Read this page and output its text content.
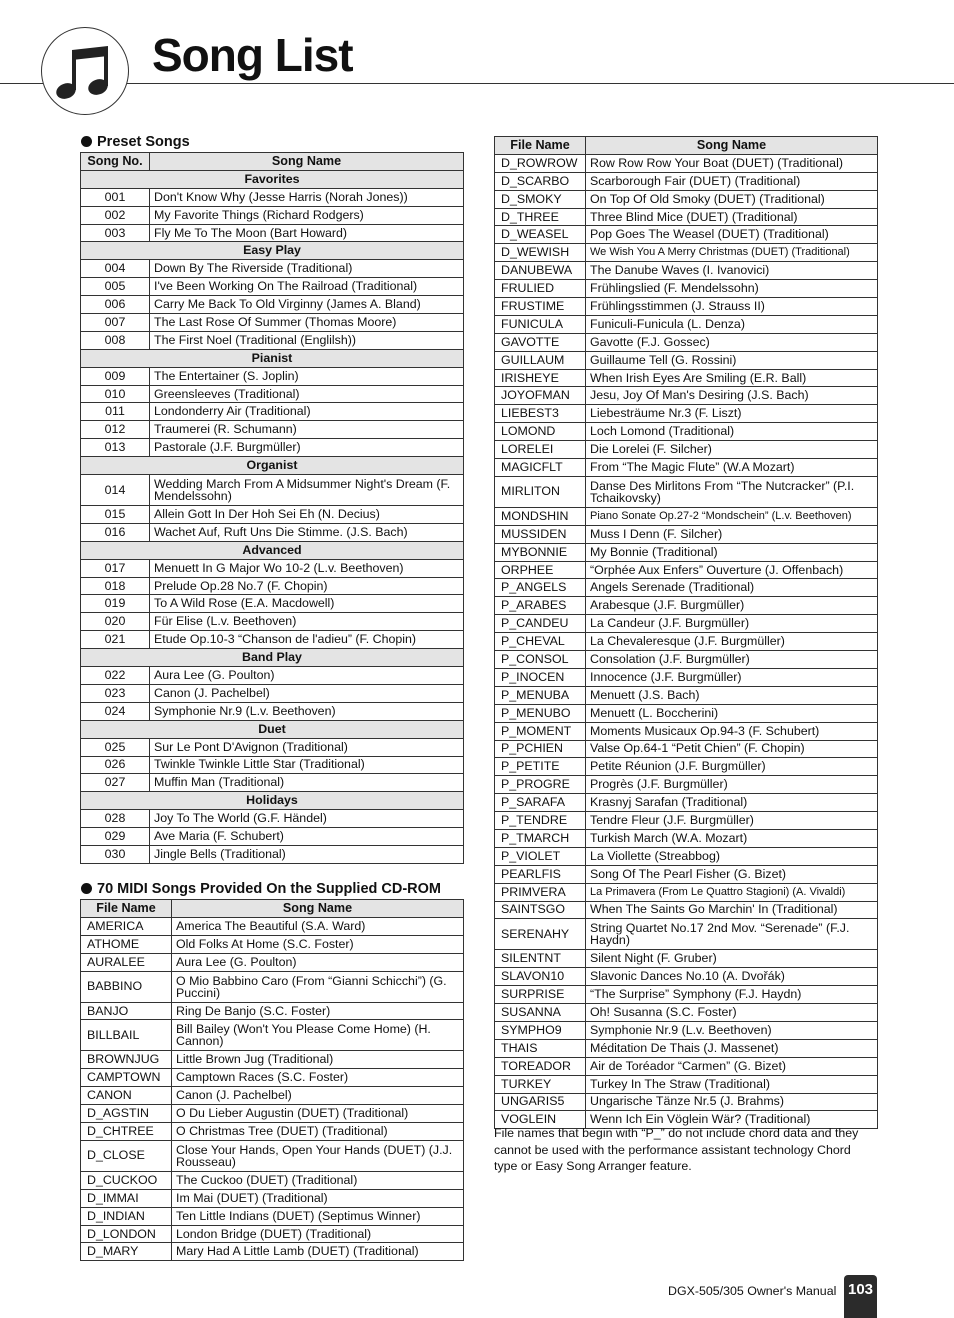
Song List
Preset Songs
Song No.	Song Name
Favorites	
001	Don't Know Why (Jesse Harris (Norah Jones))
002	My Favorite Things (Richard Rodgers)
003	Fly Me To The Moon (Bart Howard)
Easy Play	
004	Down By The Riverside (Traditional)
005	I've Been Working On The Railroad (Traditional)
006	Carry Me Back To Old Virginny (James A. Bland)
007	The Last Rose Of Summer (Thomas Moore)
008	The First Noel (Traditional (Englilsh))
Pianist	
009	The Entertainer (S. Joplin)
010	Greensleeves (Traditional)
011	Londonderry Air (Traditional)
012	Traumerei (R. Schumann)
013	Pastorale (J.F. Burgmüller)
Organist	
014	Wedding March From A Midsummer Night's Dream (F. Mendelssohn)
015	Allein Gott In Der Hoh Sei Eh (N. Decius)
016	Wachet Auf, Ruft Uns Die Stimme. (J.S. Bach)
Advanced	
017	Menuett In G Major Wo 10-2 (L.v. Beethoven)
018	Prelude Op.28 No.7 (F. Chopin)
019	To A Wild Rose (E.A. Macdowell)
020	Für Elise (L.v. Beethoven)
021	Etude Op.10-3 “Chanson de l'adieu” (F. Chopin)
Band Play	
022	Aura Lee (G. Poulton)
023	Canon (J. Pachelbel)
024	Symphonie Nr.9 (L.v. Beethoven)
Duet	
025	Sur Le Pont D'Avignon (Traditional)
026	Twinkle Twinkle Little Star (Traditional)
027	Muffin Man (Traditional)
Holidays	
028	Joy To The World (G.F. Händel)
029	Ave Maria (F. Schubert)
030	Jingle Bells (Traditional)
70 MIDI Songs Provided On the Supplied CD-ROM
File Name	Song Name
AMERICA	America The Beautiful (S.A. Ward)
ATHOME	Old Folks At Home (S.C. Foster)
AURALEE	Aura Lee (G. Poulton)
BABBINO	O Mio Babbino Caro (From “Gianni Schicchi”) (G. Puccini)
BANJO	Ring De Banjo (S.C. Foster)
BILLBAIL	Bill Bailey (Won't You Please Come Home) (H. Cannon)
BROWNJUG	Little Brown Jug (Traditional)
CAMPTOWN	Camptown Races (S.C. Foster)
CANON	Canon (J. Pachelbel)
D_AGSTIN	O Du Lieber Augustin (DUET) (Traditional)
D_CHTREE	O Christmas Tree (DUET) (Traditional)
D_CLOSE	Close Your Hands, Open Your Hands (DUET) (J.J. Rousseau)
D_CUCKOO	The Cuckoo (DUET) (Traditional)
D_IMMAI	Im Mai (DUET) (Traditional)
D_INDIAN	Ten Little Indians (DUET) (Septimus Winner)
D_LONDON	London Bridge (DUET) (Traditional)
D_MARY	Mary Had A Little Lamb (DUET) (Traditional)
File Name	Song Name
D_ROWROW	Row Row Row Your Boat (DUET) (Traditional)
D_SCARBO	Scarborough Fair (DUET) (Traditional)
D_SMOKY	On Top Of Old Smoky (DUET) (Traditional)
D_THREE	Three Blind Mice (DUET) (Traditional)
D_WEASEL	Pop Goes The Weasel (DUET) (Traditional)
D_WEWISH	We Wish You A Merry Christmas (DUET) (Traditional)
DANUBEWA	The Danube Waves (I. Ivanovici)
FRULIED	Frühlingslied (F. Mendelssohn)
FRUSTIME	Frühlingsstimmen (J. Strauss II)
FUNICULA	Funiculi-Funicula (L. Denza)
GAVOTTE	Gavotte (F.J. Gossec)
GUILLAUM	Guillaume Tell (G. Rossini)
IRISHEYE	When Irish Eyes Are Smiling (E.R. Ball)
JOYOFMAN	Jesu, Joy Of Man's Desiring (J.S. Bach)
LIEBEST3	Liebesträume Nr.3 (F. Liszt)
LOMOND	Loch Lomond (Traditional)
LORELEI	Die Lorelei (F. Silcher)
MAGICFLT	From “The Magic Flute” (W.A Mozart)
MIRLITON	Danse Des Mirlitons From “The Nutcracker” (P.I. Tchaikovsky)
MONDSHIN	Piano Sonate Op.27-2 “Mondschein” (L.v. Beethoven)
MUSSIDEN	Muss I Denn (F. Silcher)
MYBONNIE	My Bonnie (Traditional)
ORPHEE	“Orphée Aux Enfers” Ouverture (J. Offenbach)
P_ANGELS	Angels Serenade (Traditional)
P_ARABES	Arabesque (J.F. Burgmüller)
P_CANDEU	La Candeur (J.F. Burgmüller)
P_CHEVAL	La Chevaleresque (J.F. Burgmüller)
P_CONSOL	Consolation (J.F. Burgmüller)
P_INOCEN	Innocence (J.F. Burgmüller)
P_MENUBA	Menuett (J.S. Bach)
P_MENUBO	Menuett (L. Boccherini)
P_MOMENT	Moments Musicaux Op.94-3 (F. Schubert)
P_PCHIEN	Valse Op.64-1 “Petit Chien” (F. Chopin)
P_PETITE	Petite Réunion (J.F. Burgmüller)
P_PROGRE	Progrès (J.F. Burgmüller)
P_SARAFA	Krasnyj Sarafan (Traditional)
P_TENDRE	Tendre Fleur (J.F. Burgmüller)
P_TMARCH	Turkish March (W.A. Mozart)
P_VIOLET	La Viollette (Streabbog)
PEARLFIS	Song Of The Pearl Fisher (G. Bizet)
PRIMVERA	La Primavera (From Le Quattro Stagioni) (A. Vivaldi)
SAINTSGO	When The Saints Go Marchin' In (Traditional)
SERENAHY	String Quartet No.17 2nd Mov. “Serenade” (F.J. Haydn)
SILENTNT	Silent Night (F. Gruber)
SLAVON10	Slavonic Dances No.10 (A. Dvořák)
SURPRISE	“The Surprise” Symphony (F.J. Haydn)
SUSANNA	Oh! Susanna (S.C. Foster)
SYMPHO9	Symphonie Nr.9 (L.v. Beethoven)
THAIS	Méditation De Thais (J. Massenet)
TOREADOR	Air de Toréador “Carmen” (G. Bizet)
TURKEY	Turkey In The Straw (Traditional)
UNGARIS5	Ungarische Tänze Nr.5 (J. Brahms)
VOGLEIN	Wenn Ich Ein Vöglein Wär? (Traditional)

File names that begin with “P_” do not include chord data and they cannot be used with the performance assistant technology Chord type or Easy Song Arranger feature.

DGX-505/305 Owner's Manual 103
